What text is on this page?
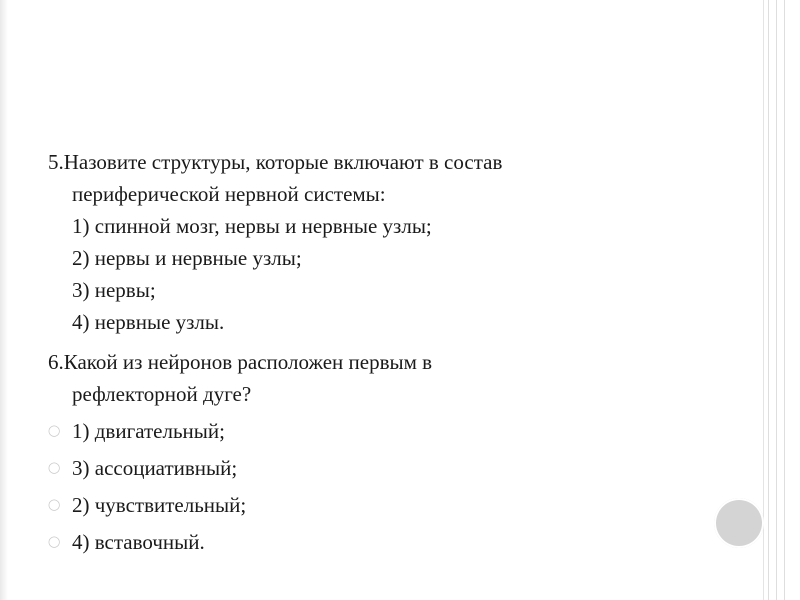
5.Назовите структуры, которые включают в состав
периферической нервной системы:

1) спинной мозг, нервы и нервные узлы;

2) нервы и нервные узлы;

3) нервы;

4) нервные узлы.

6.Какой из нейронов расположен первым в
рефлекторной дуге?

◯ 1) двигательный;

◯ 3) ассоциативный;

◯ 2) чувствительный;

◯ 4) вставочный.
